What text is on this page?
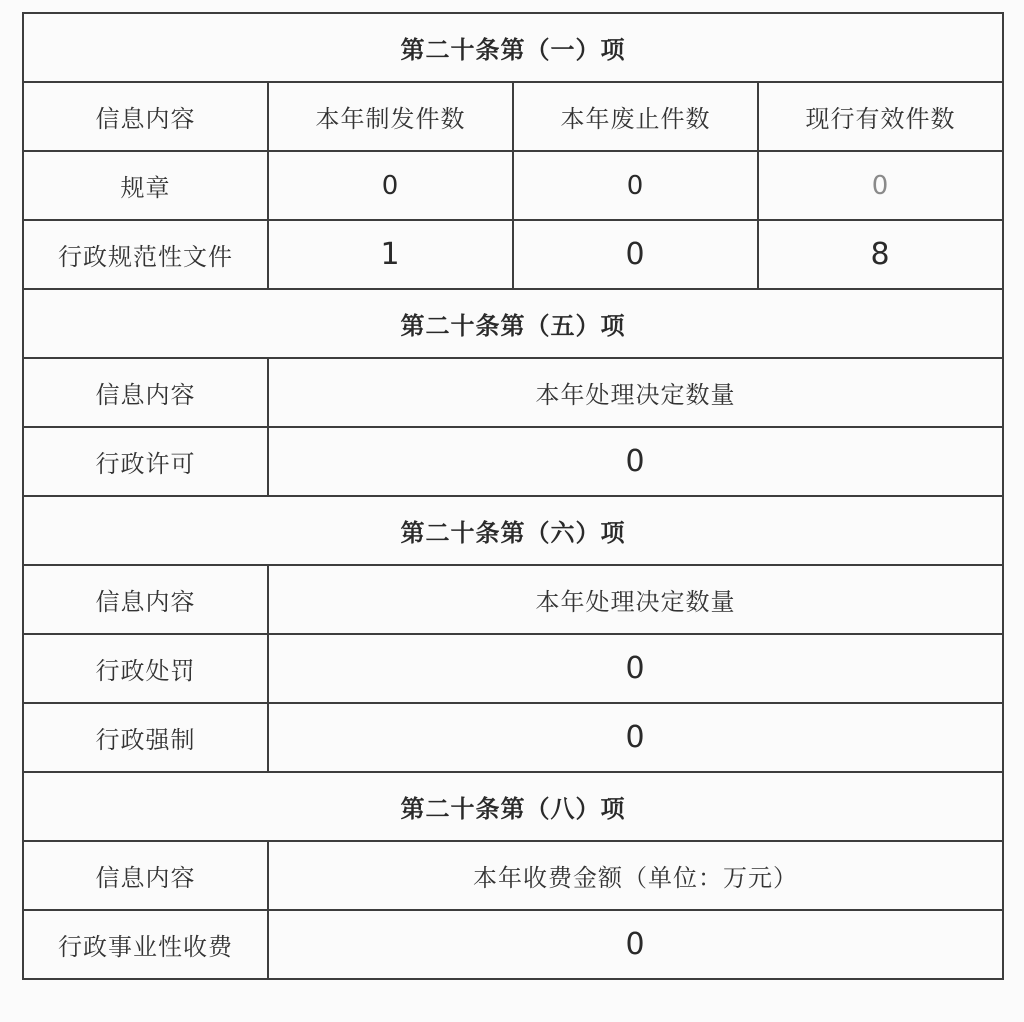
第二十条第（一）项			
信息内容	本年制发件数	本年废止件数	现行有效件数
规章	0	0	0
行政规范性文件	1	0	8
第二十条第（五）项			
信息内容	本年处理决定数量		
行政许可	0		
第二十条第（六）项			
信息内容	本年处理决定数量		
行政处罚	0		
行政强制	0		
第二十条第（八）项			
信息内容	本年收费金额（单位：万元）		
行政事业性收费	0		
